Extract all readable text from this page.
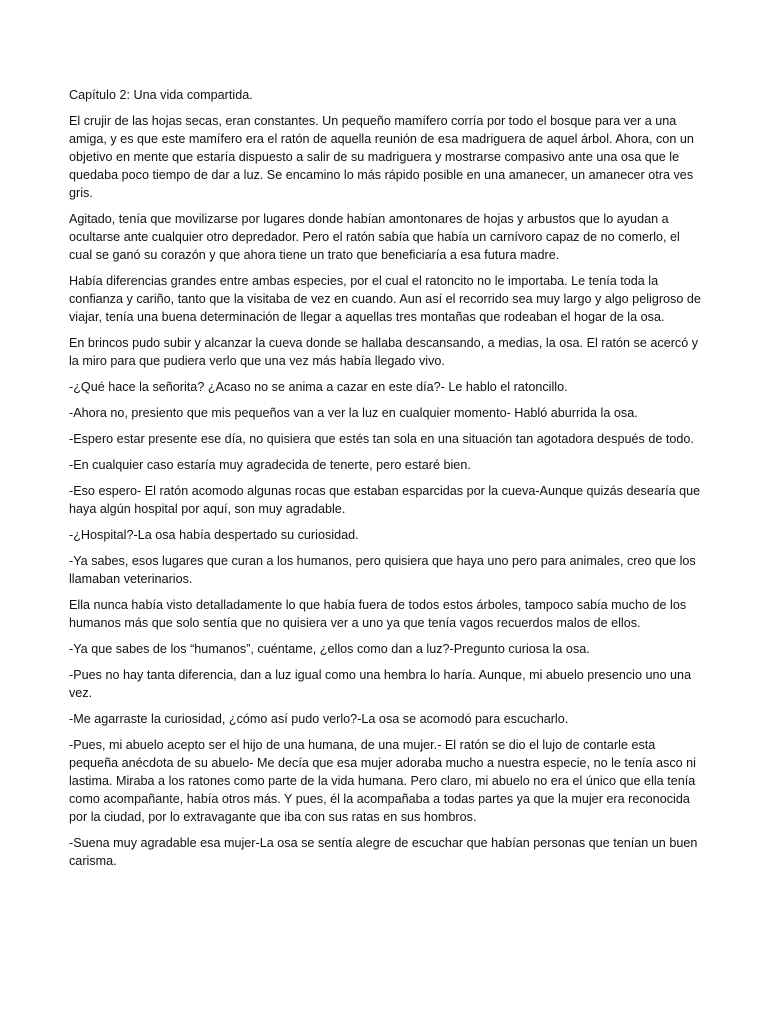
Capítulo 2: Una vida compartida.

El crujir de las hojas secas, eran constantes. Un pequeño mamífero corría por todo el bosque para ver a una amiga, y es que este mamífero era el ratón de aquella reunión de esa madriguera de aquel árbol. Ahora, con un objetivo en mente que estaría dispuesto a salir de su madriguera y mostrarse compasivo ante una osa que le quedaba poco tiempo de dar a luz. Se encamino lo más rápido posible en una amanecer, un amanecer otra ves gris.

Agitado, tenía que movilizarse por lugares donde habían amontonares de hojas y arbustos que lo ayudan a ocultarse ante cualquier otro depredador. Pero el ratón sabía que había un carnívoro capaz de no comerlo, el cual se ganó su corazón y que ahora tiene un trato que beneficiaría a esa futura madre.

Había diferencias grandes entre ambas especies, por el cual el ratoncito no le importaba. Le tenía toda la confianza y cariño, tanto que la visitaba de vez en cuando. Aun así el recorrido sea muy largo y algo peligroso de viajar, tenía una buena determinación de llegar a aquellas tres montañas que rodeaban el hogar de la osa.

En brincos pudo subir y alcanzar la cueva donde se hallaba descansando, a medias, la osa. El ratón se acercó y la miro para que pudiera verlo que una vez más había llegado vivo.

-¿Qué hace la señorita? ¿Acaso no se anima a cazar en este día?- Le hablo el ratoncillo.

-Ahora no, presiento que mis pequeños van a ver la luz en cualquier momento- Habló aburrida la osa.

-Espero estar presente ese día, no quisiera que estés tan sola en una situación tan agotadora después de todo.

-En cualquier caso estaría muy agradecida de tenerte, pero estaré bien.

-Eso espero- El ratón acomodo algunas rocas que estaban esparcidas por la cueva-Aunque quizás desearía que haya algún hospital por aquí, son muy agradable.

-¿Hospital?-La osa había despertado su curiosidad.

-Ya sabes, esos lugares que curan a los humanos, pero quisiera que haya uno pero para animales, creo que los llamaban veterinarios.

Ella nunca había visto detalladamente lo que había fuera de todos estos árboles, tampoco sabía mucho de los humanos más que solo sentía que no quisiera ver a uno ya que tenía vagos recuerdos malos de ellos.

-Ya que sabes de los “humanos”, cuéntame, ¿ellos como dan a luz?-Pregunto curiosa la osa.

-Pues no hay tanta diferencia, dan a luz igual como una hembra lo haría. Aunque, mi abuelo presencio uno una vez.

-Me agarraste la curiosidad, ¿cómo así pudo verlo?-La osa se acomodó para escucharlo.

-Pues, mi abuelo acepto ser el hijo de una humana, de una mujer.- El ratón se dio el lujo de contarle esta pequeña anécdota de su abuelo- Me decía que esa mujer adoraba mucho a nuestra especie, no le tenía asco ni lastima. Miraba a los ratones como parte de la vida humana. Pero claro, mi abuelo no era el único que ella tenía como acompañante, había otros más. Y pues, él la acompañaba a todas partes ya que la mujer era reconocida por la ciudad, por lo extravagante que iba con sus ratas en sus hombros.

-Suena muy agradable esa mujer-La osa se sentía alegre de escuchar que habían personas que tenían un buen carisma.
